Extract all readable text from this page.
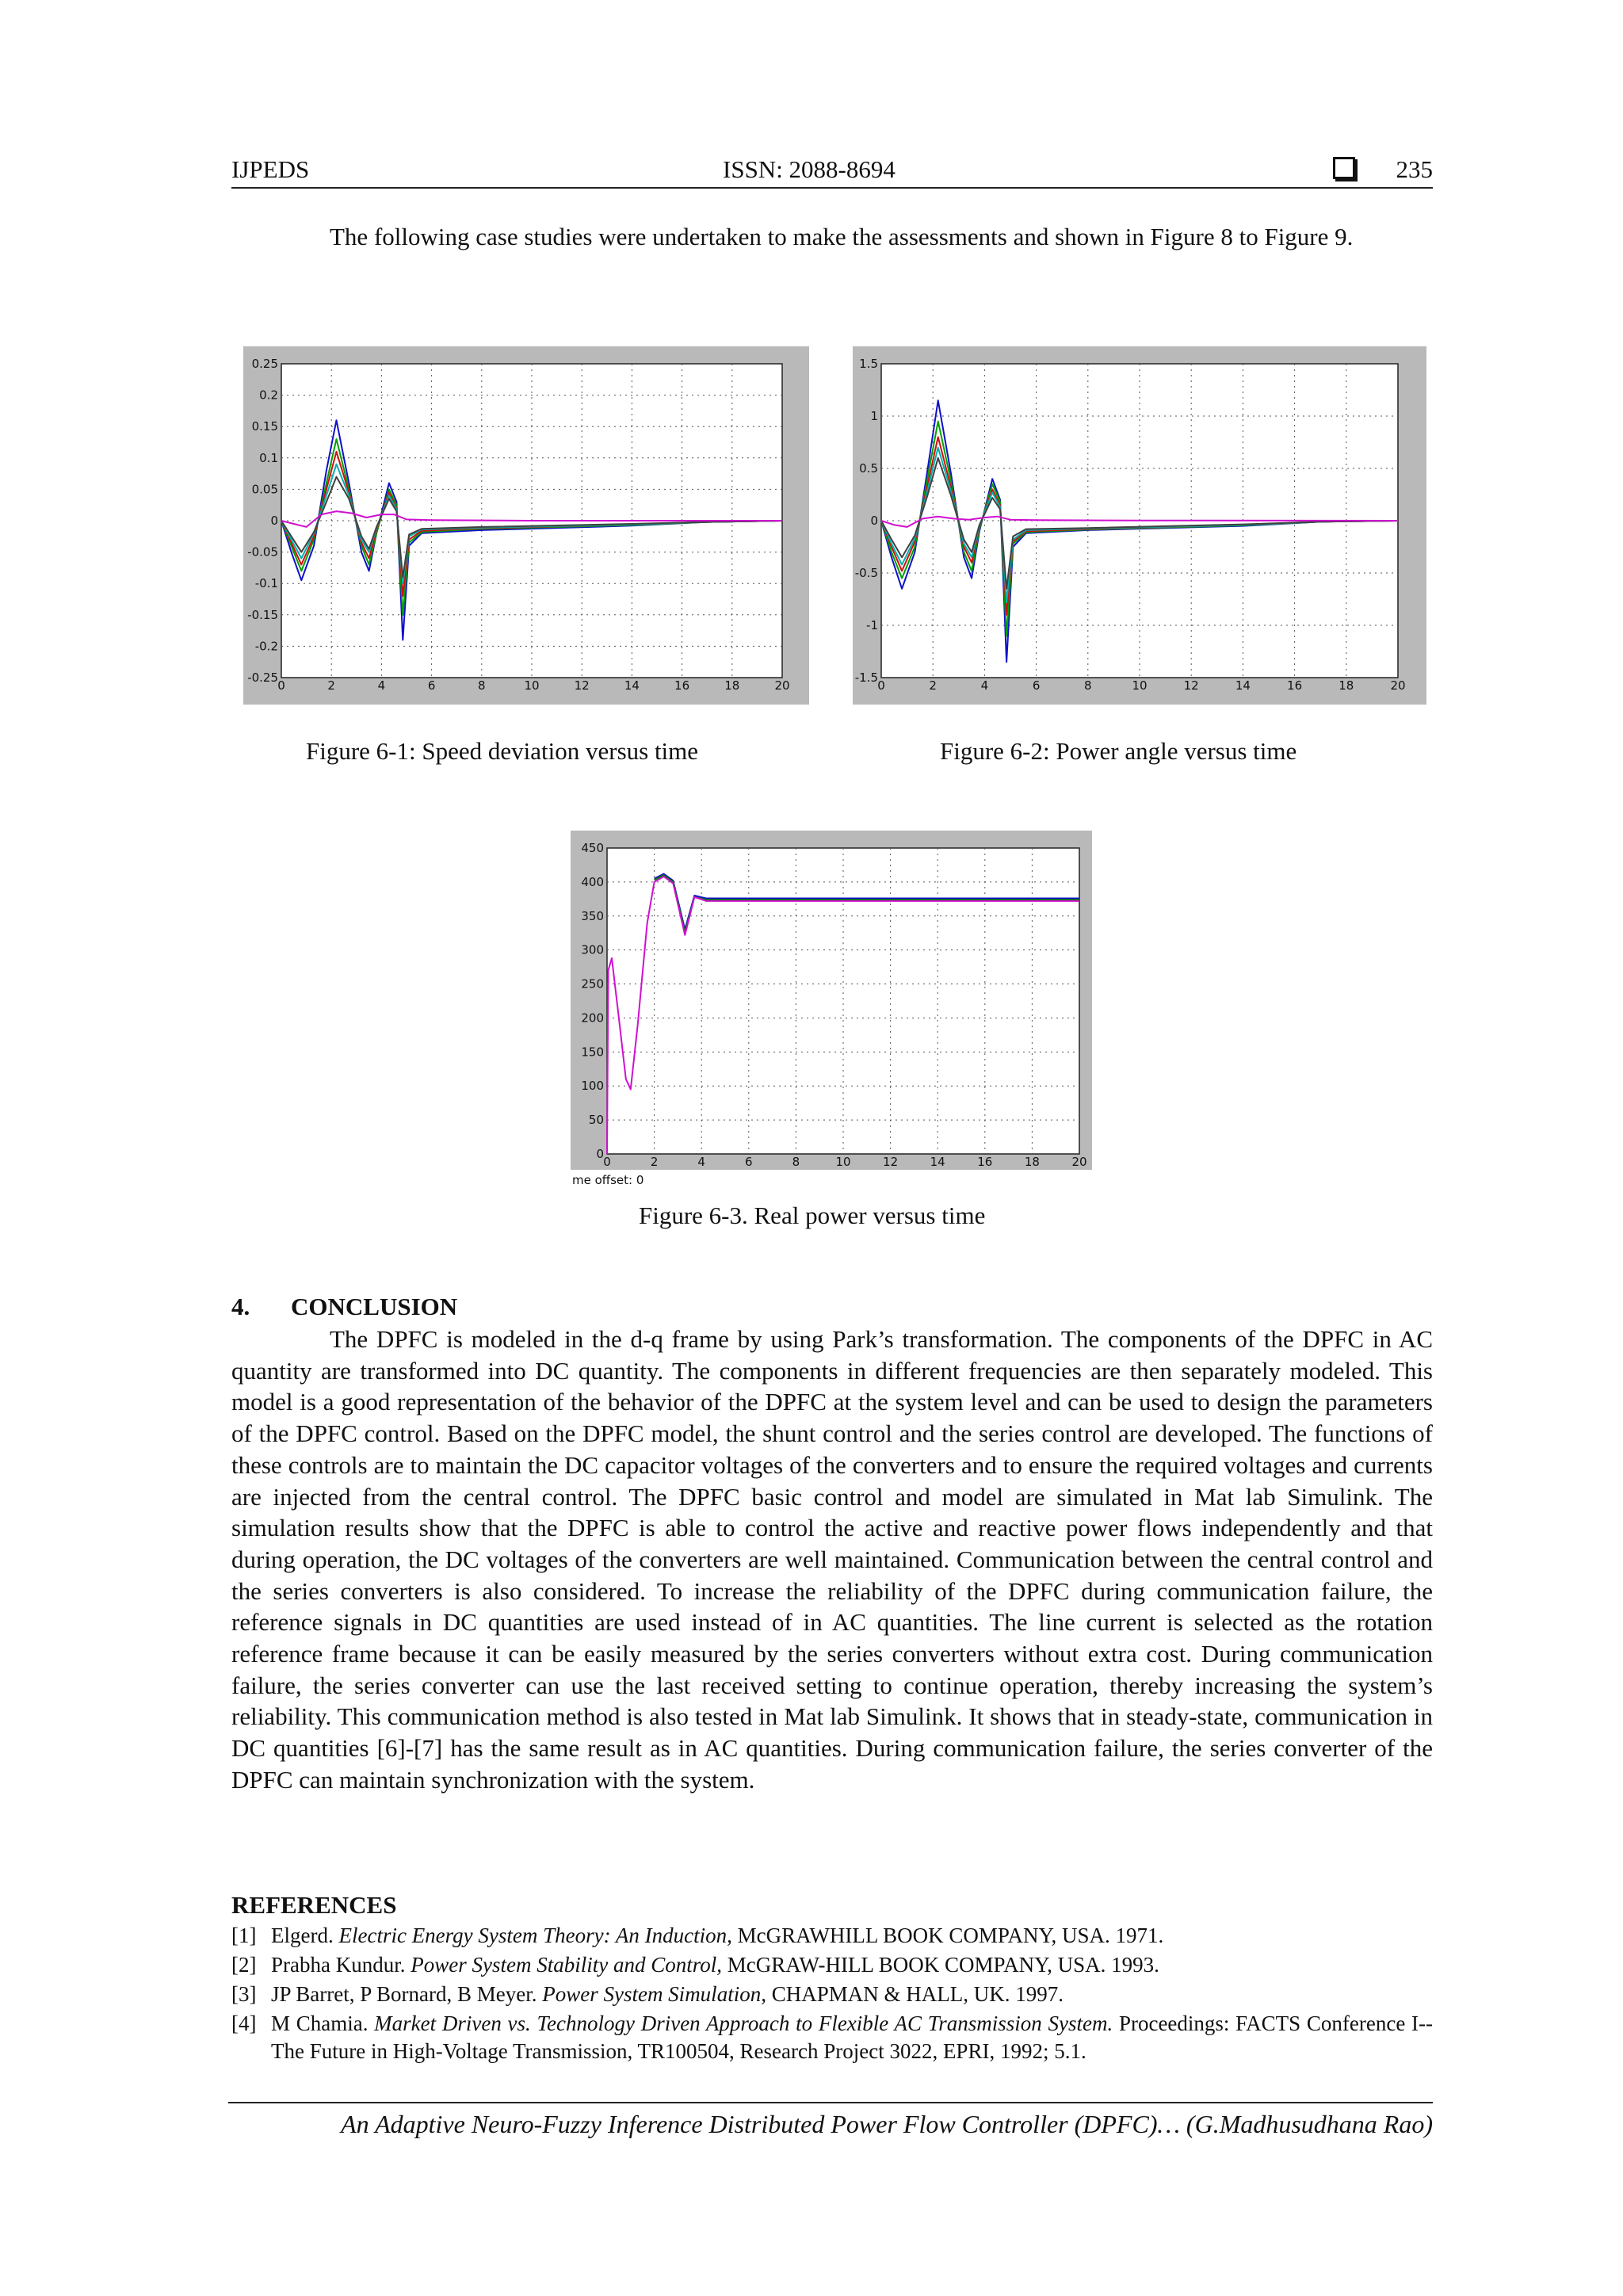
IJPEDS	ISSN: 2088-8694	235

The following case studies were undertaken to make the assessments and shown in Figure 8 to Figure 9.

0	2	4	6	8	10	12	14	16	18	20
0.25
0.2
0.15
0.1
0.05
0
-0.05
-0.1
-0.15
-0.2
-0.25
0	2	4	6	8	10	12	14	16	18	20
1.5
1
0.5
0
-0.5
-1
-1.5
0	2	4	6	8	10	12	14	16	18	20
450
400
350
300
250
200
150
100
50
0
me offset: 0
Figure 6-1: Speed deviation versus time	Figure 6-2: Power angle versus time
Figure 6-3. Real power versus time
4. CONCLUSION

The DPFC is modeled in the d-q frame by using Park’s transformation. The components of the DPFC in AC quantity are transformed into DC quantity. The components in different frequencies are then separately modeled. This model is a good representation of the behavior of the DPFC at the system level and can be used to design the parameters of the DPFC control. Based on the DPFC model, the shunt control and the series control are developed. The functions of these controls are to maintain the DC capacitor voltages of the converters and to ensure the required voltages and currents are injected from the central control. The DPFC basic control and model are simulated in Mat lab Simulink. The simulation results show that the DPFC is able to control the active and reactive power flows independently and that during operation, the DC voltages of the converters are well maintained. Communication between the central control and the series converters is also considered. To increase the reliability of the DPFC during communication failure, the reference signals in DC quantities are used instead of in AC quantities. The line current is selected as the rotation reference frame because it can be easily measured by the series converters without extra cost. During communication failure, the series converter can use the last received setting to continue operation, thereby increasing the system’s reliability. This communication method is also tested in Mat lab Simulink. It shows that in steady-state, communication in DC quantities [6]-[7] has the same result as in AC quantities. During communication failure, the series converter of the DPFC can maintain synchronization with the system.

REFERENCES
[1] Elgerd. Electric Energy System Theory: An Induction, McGRAWHILL BOOK COMPANY, USA. 1971.
[2] Prabha Kundur. Power System Stability and Control, McGRAW-HILL BOOK COMPANY, USA. 1993.
[3] JP Barret, P Bornard, B Meyer. Power System Simulation, CHAPMAN & HALL, UK. 1997.
[4] M Chamia. Market Driven vs. Technology Driven Approach to Flexible AC Transmission System. Proceedings: FACTS Conference I--The Future in High-Voltage Transmission, TR100504, Research Project 3022, EPRI, 1992; 5.1.
An Adaptive Neuro-Fuzzy Inference Distributed Power Flow Controller (DPFC)… (G.Madhusudhana Rao)
